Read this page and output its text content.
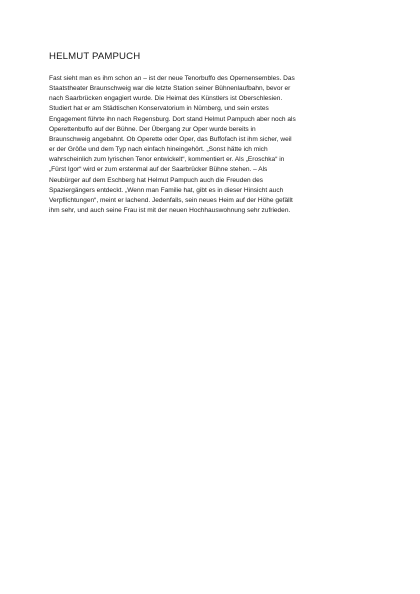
HELMUT PAMPUCH
Fast sieht man es ihm schon an – ist der neue Tenorbuffo des Opernensembles. Das
Staatstheater Braunschweig war die letzte Station seiner Bühnenlaufbahn, bevor er
nach Saarbrücken engagiert wurde. Die Heimat des Künstlers ist Oberschlesien.
Studiert hat er am Städtischen Konservatorium in Nürnberg, und sein erstes
Engagement führte ihn nach Regensburg. Dort stand Helmut Pampuch aber noch als
Operettenbuffo auf der Bühne. Der Übergang zur Oper wurde bereits in
Braunschweig angebahnt. Ob Operette oder Oper, das Buffofach ist ihm sicher, weil
er der Größe und dem Typ nach einfach hineingehört. „Sonst hätte ich mich
wahrscheinlich zum lyrischen Tenor entwickelt“, kommentiert er. Als „Eroschka“ in
„Fürst Igor“ wird er zum erstenmal auf der Saarbrücker Bühne stehen. – Als
Neubürger auf dem Eschberg hat Helmut Pampuch auch die Freuden des
Spaziergängers entdeckt. „Wenn man Familie hat, gibt es in dieser Hinsicht auch
Verpflichtungen“, meint er lachend. Jedenfalls, sein neues Heim auf der Höhe gefällt
ihm sehr, und auch seine Frau ist mit der neuen Hochhauswohnung sehr zufrieden.
